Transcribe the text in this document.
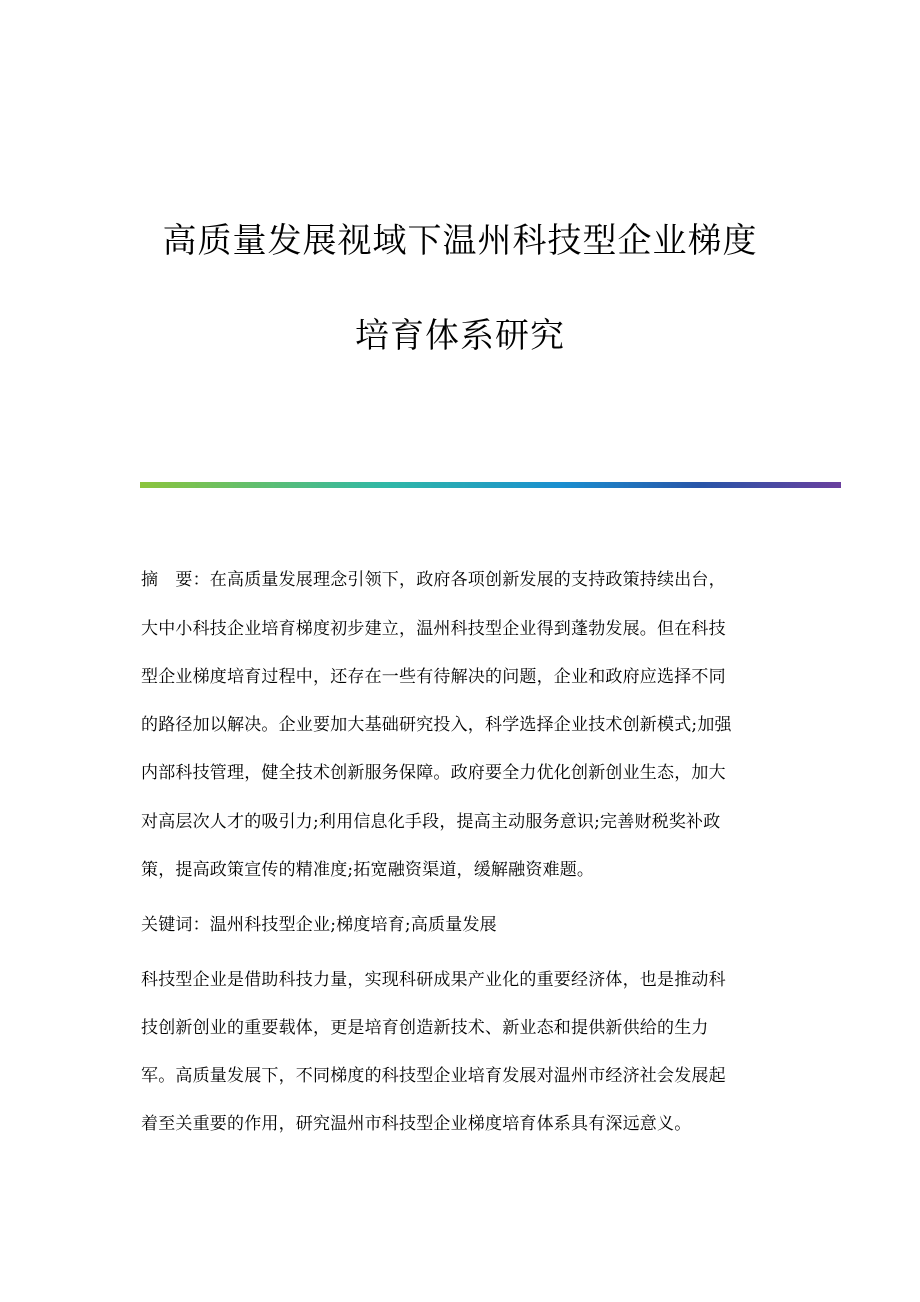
高质量发展视域下温州科技型企业梯度
培育体系研究
摘　要：在高质量发展理念引领下，政府各项创新发展的支持政策持续出台，
大中小科技企业培育梯度初步建立，温州科技型企业得到蓬勃发展。但在科技
型企业梯度培育过程中，还存在一些有待解决的问题，企业和政府应选择不同
的路径加以解决。企业要加大基础研究投入，科学选择企业技术创新模式;加强
内部科技管理，健全技术创新服务保障。政府要全力优化创新创业生态，加大
对高层次人才的吸引力;利用信息化手段，提高主动服务意识;完善财税奖补政
策，提高政策宣传的精准度;拓宽融资渠道，缓解融资难题。
关键词：温州科技型企业;梯度培育;高质量发展
科技型企业是借助科技力量，实现科研成果产业化的重要经济体，也是推动科
技创新创业的重要载体，更是培育创造新技术、新业态和提供新供给的生力
军。高质量发展下，不同梯度的科技型企业培育发展对温州市经济社会发展起
着至关重要的作用，研究温州市科技型企业梯度培育体系具有深远意义。
